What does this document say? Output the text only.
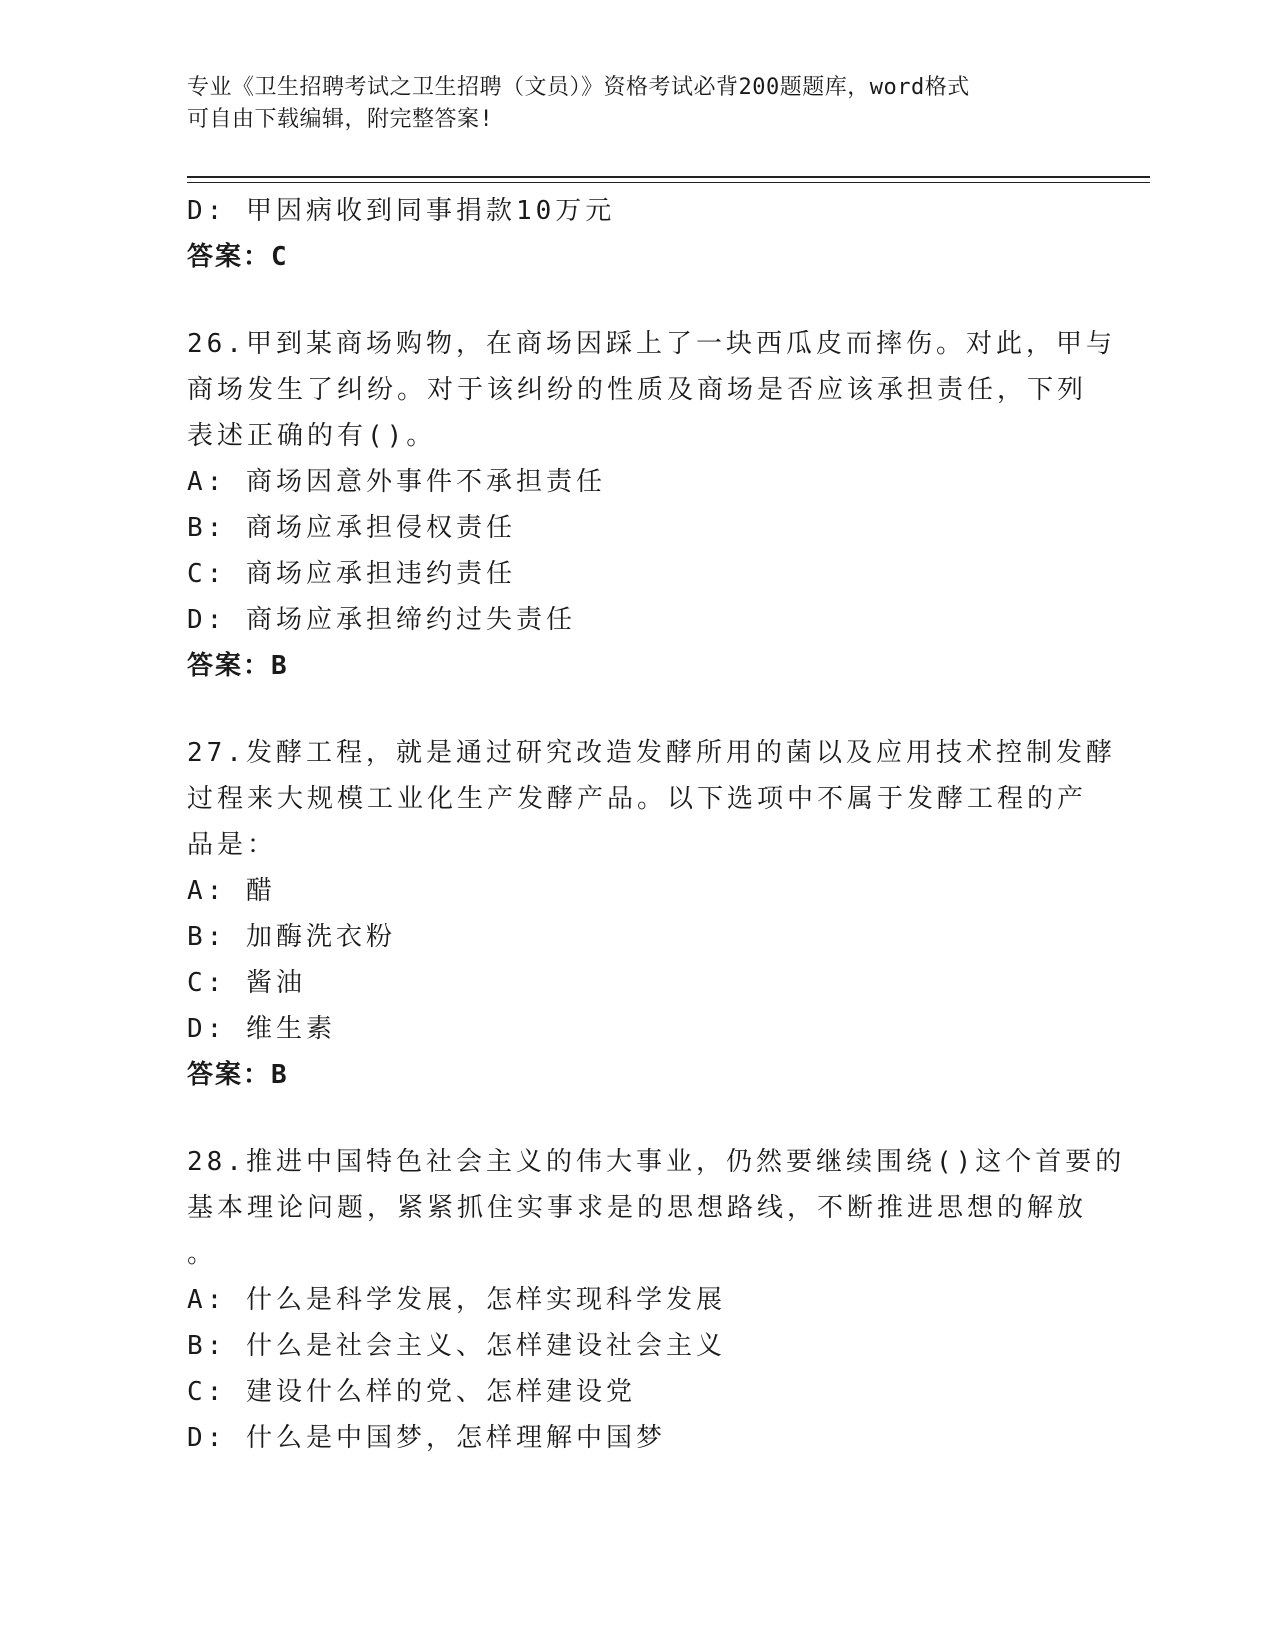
专业《卫生招聘考试之卫生招聘（文员）》资格考试必背200题题库，word格式
可自由下载编辑，附完整答案!
D: 甲因病收到同事捐款10万元
答案：C
26.甲到某商场购物，在商场因踩上了一块西瓜皮而摔伤。对此，甲与
商场发生了纠纷。对于该纠纷的性质及商场是否应该承担责任，下列
表述正确的有()。
A: 商场因意外事件不承担责任
B: 商场应承担侵权责任
C: 商场应承担违约责任
D: 商场应承担缔约过失责任
答案：B
27.发酵工程，就是通过研究改造发酵所用的菌以及应用技术控制发酵
过程来大规模工业化生产发酵产品。以下选项中不属于发酵工程的产
品是：
A: 醋
B: 加酶洗衣粉
C: 酱油
D: 维生素
答案：B
28.推进中国特色社会主义的伟大事业，仍然要继续围绕()这个首要的
基本理论问题，紧紧抓住实事求是的思想路线，不断推进思想的解放
。
A: 什么是科学发展，怎样实现科学发展
B: 什么是社会主义、怎样建设社会主义
C: 建设什么样的党、怎样建设党
D: 什么是中国梦，怎样理解中国梦
